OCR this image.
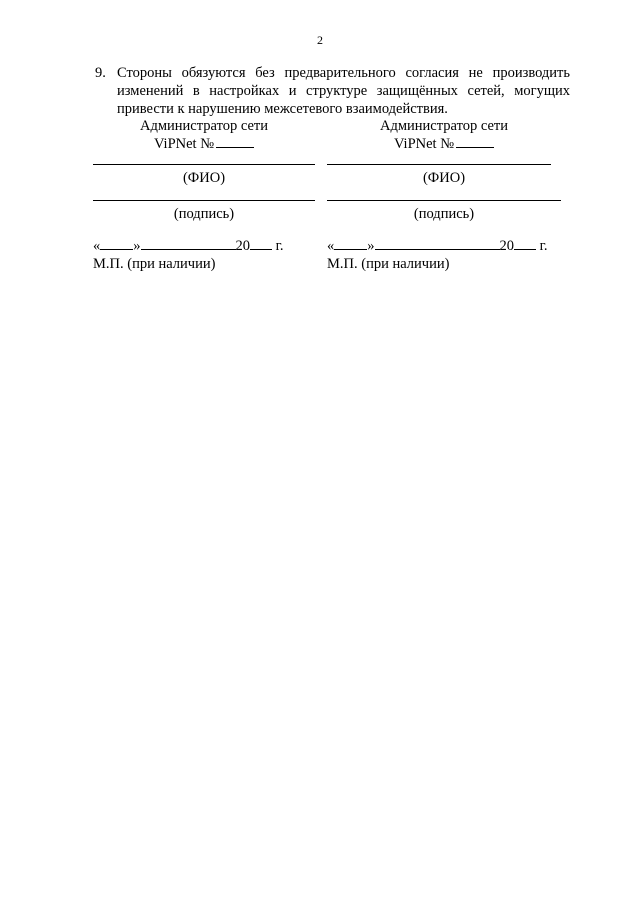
2
9. Стороны обязуются без предварительного согласия не производить изменений в настройках и структуре защищённых сетей, могущих привести к нарушению межсетевого взаимодействия.
Администратор сети
ViPNet №
(ФИО)
(подпись)
« »	20 г.
М.П. (при наличии)
Администратор сети
ViPNet №
(ФИО)
(подпись)
« »	20 г.
М.П. (при наличии)
